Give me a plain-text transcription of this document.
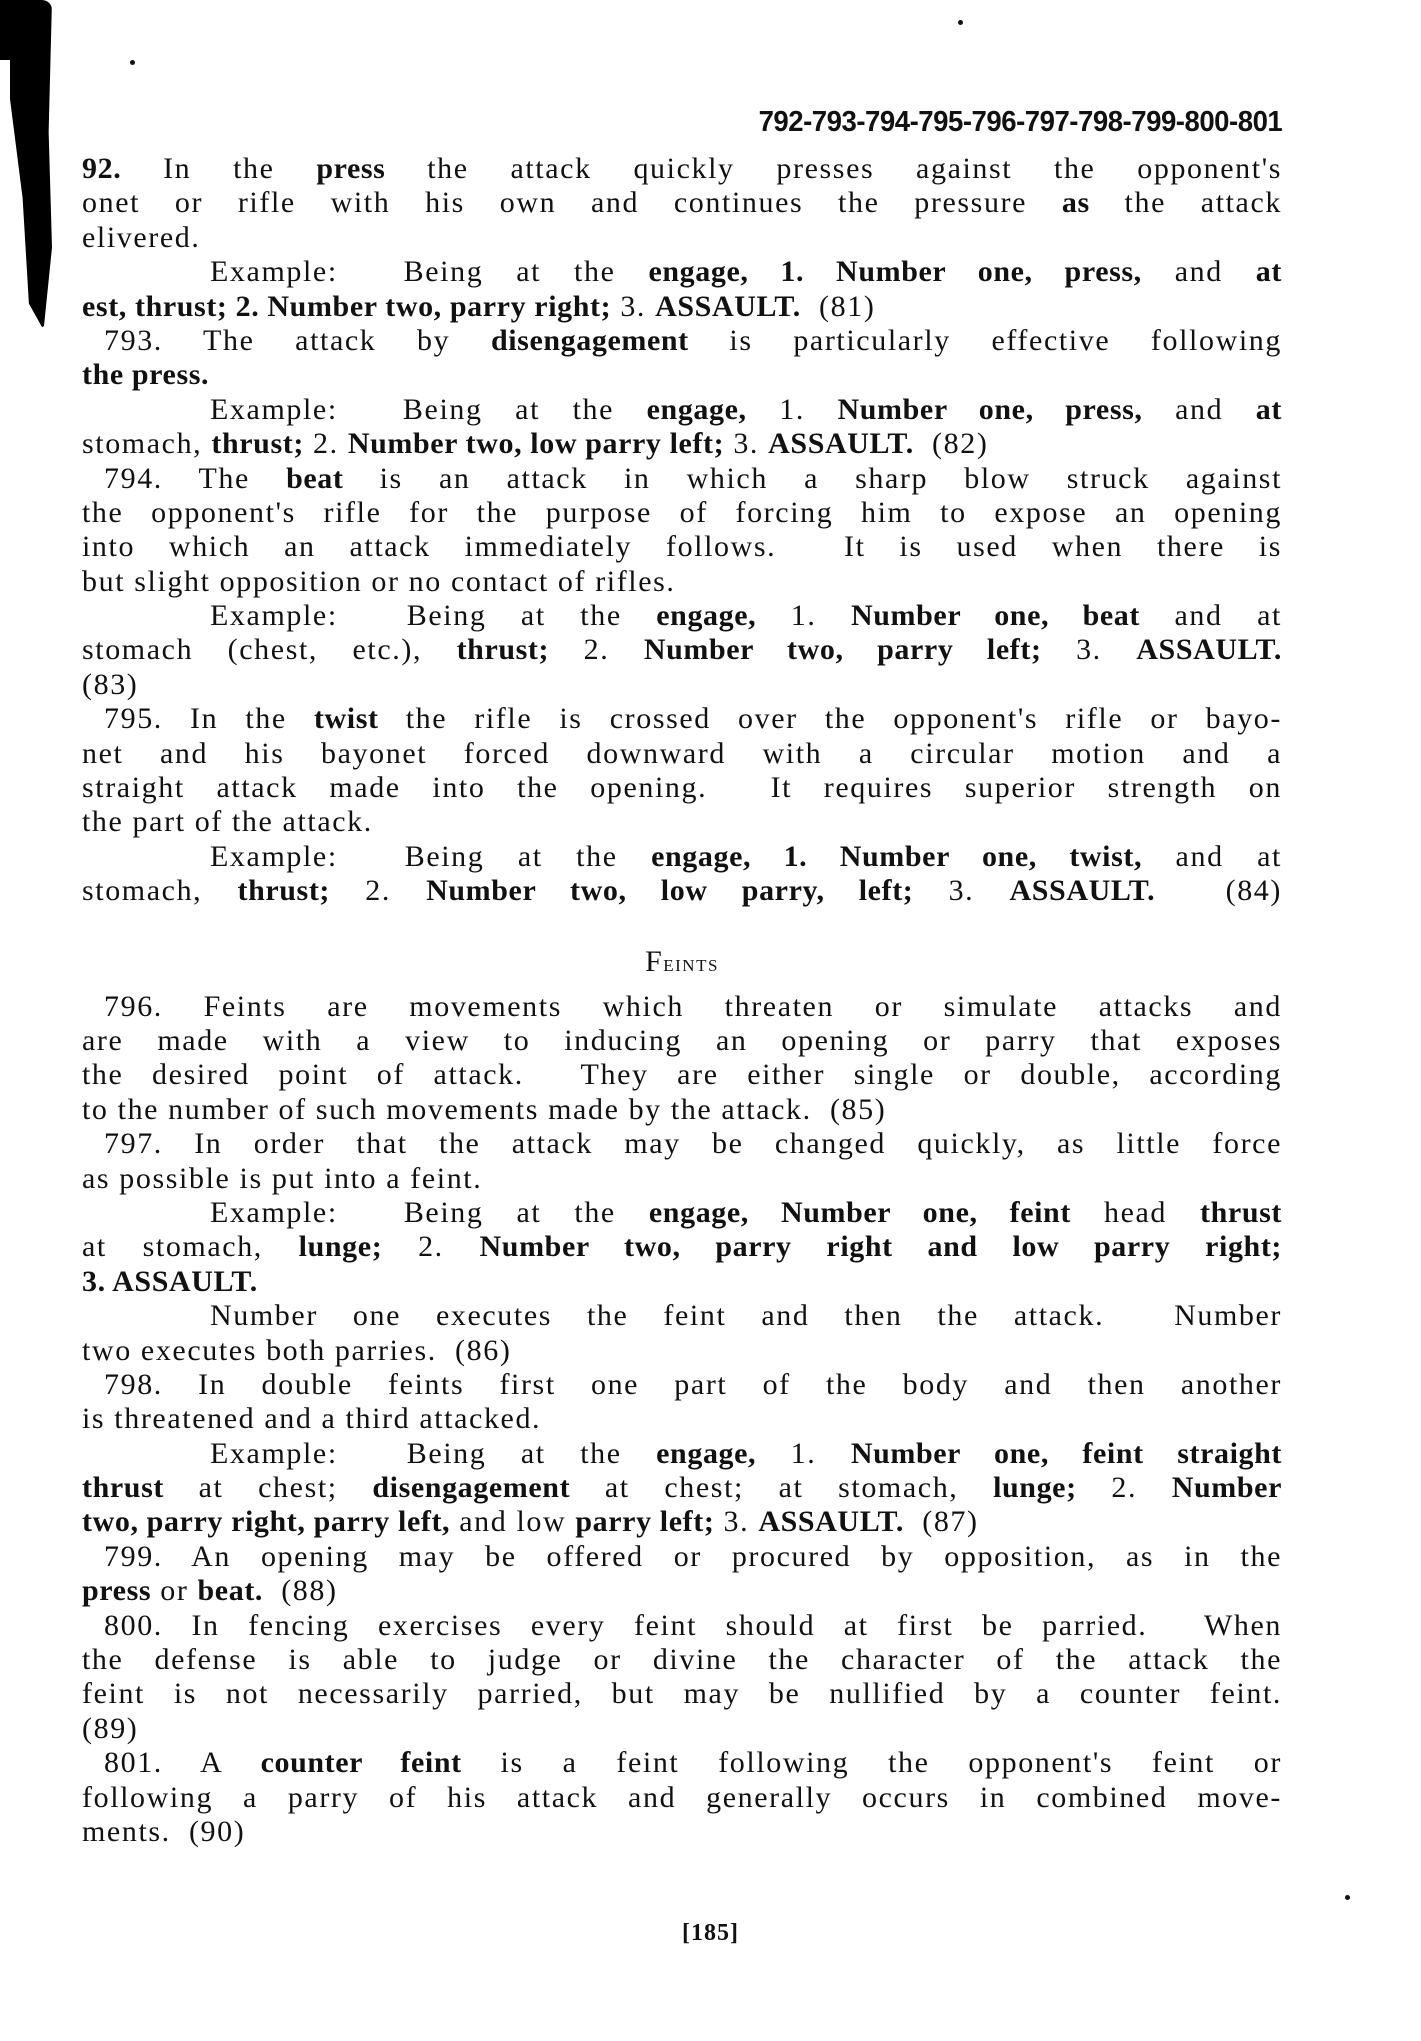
792-793-794-795-796-797-798-799-800-801
92. In the press the attack quickly presses against the opponent's
onet or rifle with his own and continues the pressure as the attack
elivered.
Example:  Being at the engage, 1. Number one, press, and at
est, thrust; 2. Number two, parry right; 3. ASSAULT.  (81)
793. The attack by disengagement is particularly effective following
the press.
Example:  Being at the engage, 1. Number one, press, and at
stomach, thrust; 2. Number two, low parry left; 3. ASSAULT.  (82)
794. The beat is an attack in which a sharp blow struck against
the opponent's rifle for the purpose of forcing him to expose an opening
into which an attack immediately follows.  It is used when there is
but slight opposition or no contact of rifles.
Example:  Being at the engage, 1. Number one, beat and at
stomach (chest, etc.), thrust; 2. Number two, parry left; 3. ASSAULT.
(83)
795. In the twist the rifle is crossed over the opponent's rifle or bayo-
net and his bayonet forced downward with a circular motion and a
straight attack made into the opening.  It requires superior strength on
the part of the attack.
Example:  Being at the engage, 1. Number one, twist, and at
stomach, thrust; 2. Number two, low parry, left; 3. ASSAULT.  (84)
Feints
796. Feints are movements which threaten or simulate attacks and
are made with a view to inducing an opening or parry that exposes
the desired point of attack.  They are either single or double, according
to the number of such movements made by the attack.  (85)
797. In order that the attack may be changed quickly, as little force
as possible is put into a feint.
Example:  Being at the engage, Number one, feint head thrust
at stomach, lunge; 2. Number two, parry right and low parry right;
3. ASSAULT.
Number one executes the feint and then the attack.  Number
two executes both parries.  (86)
798. In double feints first one part of the body and then another
is threatened and a third attacked.
Example:  Being at the engage, 1. Number one, feint straight
thrust at chest; disengagement at chest; at stomach, lunge; 2. Number
two, parry right, parry left, and low parry left; 3. ASSAULT.  (87)
799. An opening may be offered or procured by opposition, as in the
press or beat.  (88)
800. In fencing exercises every feint should at first be parried.  When
the defense is able to judge or divine the character of the attack the
feint is not necessarily parried, but may be nullified by a counter feint.
(89)
801. A counter feint is a feint following the opponent's feint or
following a parry of his attack and generally occurs in combined move-
ments.  (90)
[185]
